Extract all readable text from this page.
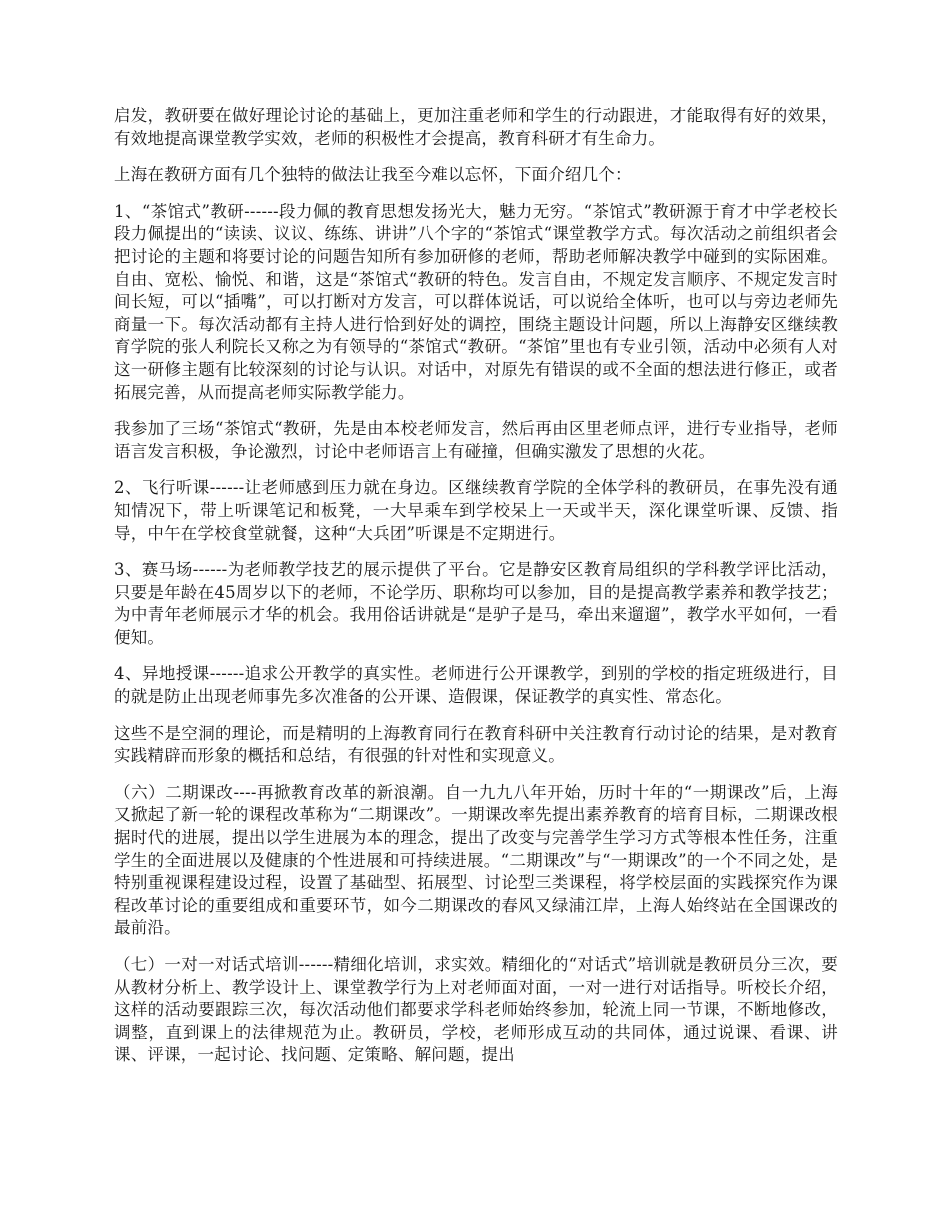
启发，教研要在做好理论讨论的基础上，更加注重老师和学生的行动跟进，才能取得有好的效果，有效地提高课堂教学实效，老师的积极性才会提高，教育科研才有生命力。

上海在教研方面有几个独特的做法让我至今难以忘怀，下面介绍几个：

1、“茶馆式”教研------段力佩的教育思想发扬光大，魅力无穷。“茶馆式”教研源于育才中学老校长段力佩提出的“读读、议议、练练、讲讲”八个字的“茶馆式“课堂教学方式。每次活动之前组织者会把讨论的主题和将要讨论的问题告知所有参加研修的老师，帮助老师解决教学中碰到的实际困难。自由、宽松、愉悦、和谐，这是“茶馆式“教研的特色。发言自由，不规定发言顺序、不规定发言时间长短，可以“插嘴”，可以打断对方发言，可以群体说话，可以说给全体听，也可以与旁边老师先商量一下。每次活动都有主持人进行恰到好处的调控，围绕主题设计问题，所以上海静安区继续教育学院的张人利院长又称之为有领导的“茶馆式“教研。“茶馆”里也有专业引领，活动中必须有人对这一研修主题有比较深刻的讨论与认识。对话中，对原先有错误的或不全面的想法进行修正，或者拓展完善，从而提高老师实际教学能力。

我参加了三场“茶馆式“教研，先是由本校老师发言，然后再由区里老师点评，进行专业指导，老师语言发言积极，争论激烈，讨论中老师语言上有碰撞，但确实激发了思想的火花。

2、飞行听课------让老师感到压力就在身边。区继续教育学院的全体学科的教研员，在事先没有通知情况下，带上听课笔记和板凳，一大早乘车到学校呆上一天或半天，深化课堂听课、反馈、指导，中午在学校食堂就餐，这种“大兵团”听课是不定期进行。

3、赛马场------为老师教学技艺的展示提供了平台。它是静安区教育局组织的学科教学评比活动，只要是年龄在45周岁以下的老师，不论学历、职称均可以参加，目的是提高教学素养和教学技艺；为中青年老师展示才华的机会。我用俗话讲就是“是驴子是马，牵出来遛遛”，教学水平如何，一看便知。

4、异地授课------追求公开教学的真实性。老师进行公开课教学，到别的学校的指定班级进行，目的就是防止出现老师事先多次准备的公开课、造假课，保证教学的真实性、常态化。

这些不是空洞的理论，而是精明的上海教育同行在教育科研中关注教育行动讨论的结果，是对教育实践精辟而形象的概括和总结，有很强的针对性和实现意义。

（六）二期课改----再掀教育改革的新浪潮。自一九九八年开始，历时十年的“一期课改”后，上海又掀起了新一轮的课程改革称为“二期课改”。一期课改率先提出素养教育的培育目标，二期课改根据时代的进展，提出以学生进展为本的理念，提出了改变与完善学生学习方式等根本性任务，注重学生的全面进展以及健康的个性进展和可持续进展。“二期课改”与“一期课改”的一个不同之处，是特别重视课程建设过程，设置了基础型、拓展型、讨论型三类课程，将学校层面的实践探究作为课程改革讨论的重要组成和重要环节，如今二期课改的春风又绿浦江岸，上海人始终站在全国课改的最前沿。

（七）一对一对话式培训------精细化培训，求实效。精细化的“对话式”培训就是教研员分三次，要从教材分析上、教学设计上、课堂教学行为上对老师面对面，一对一进行对话指导。听校长介绍，这样的活动要跟踪三次，每次活动他们都要求学科老师始终参加，轮流上同一节课，不断地修改，调整，直到课上的法律规范为止。教研员，学校，老师形成互动的共同体，通过说课、看课、讲课、评课，一起讨论、找问题、定策略、解问题，提出
